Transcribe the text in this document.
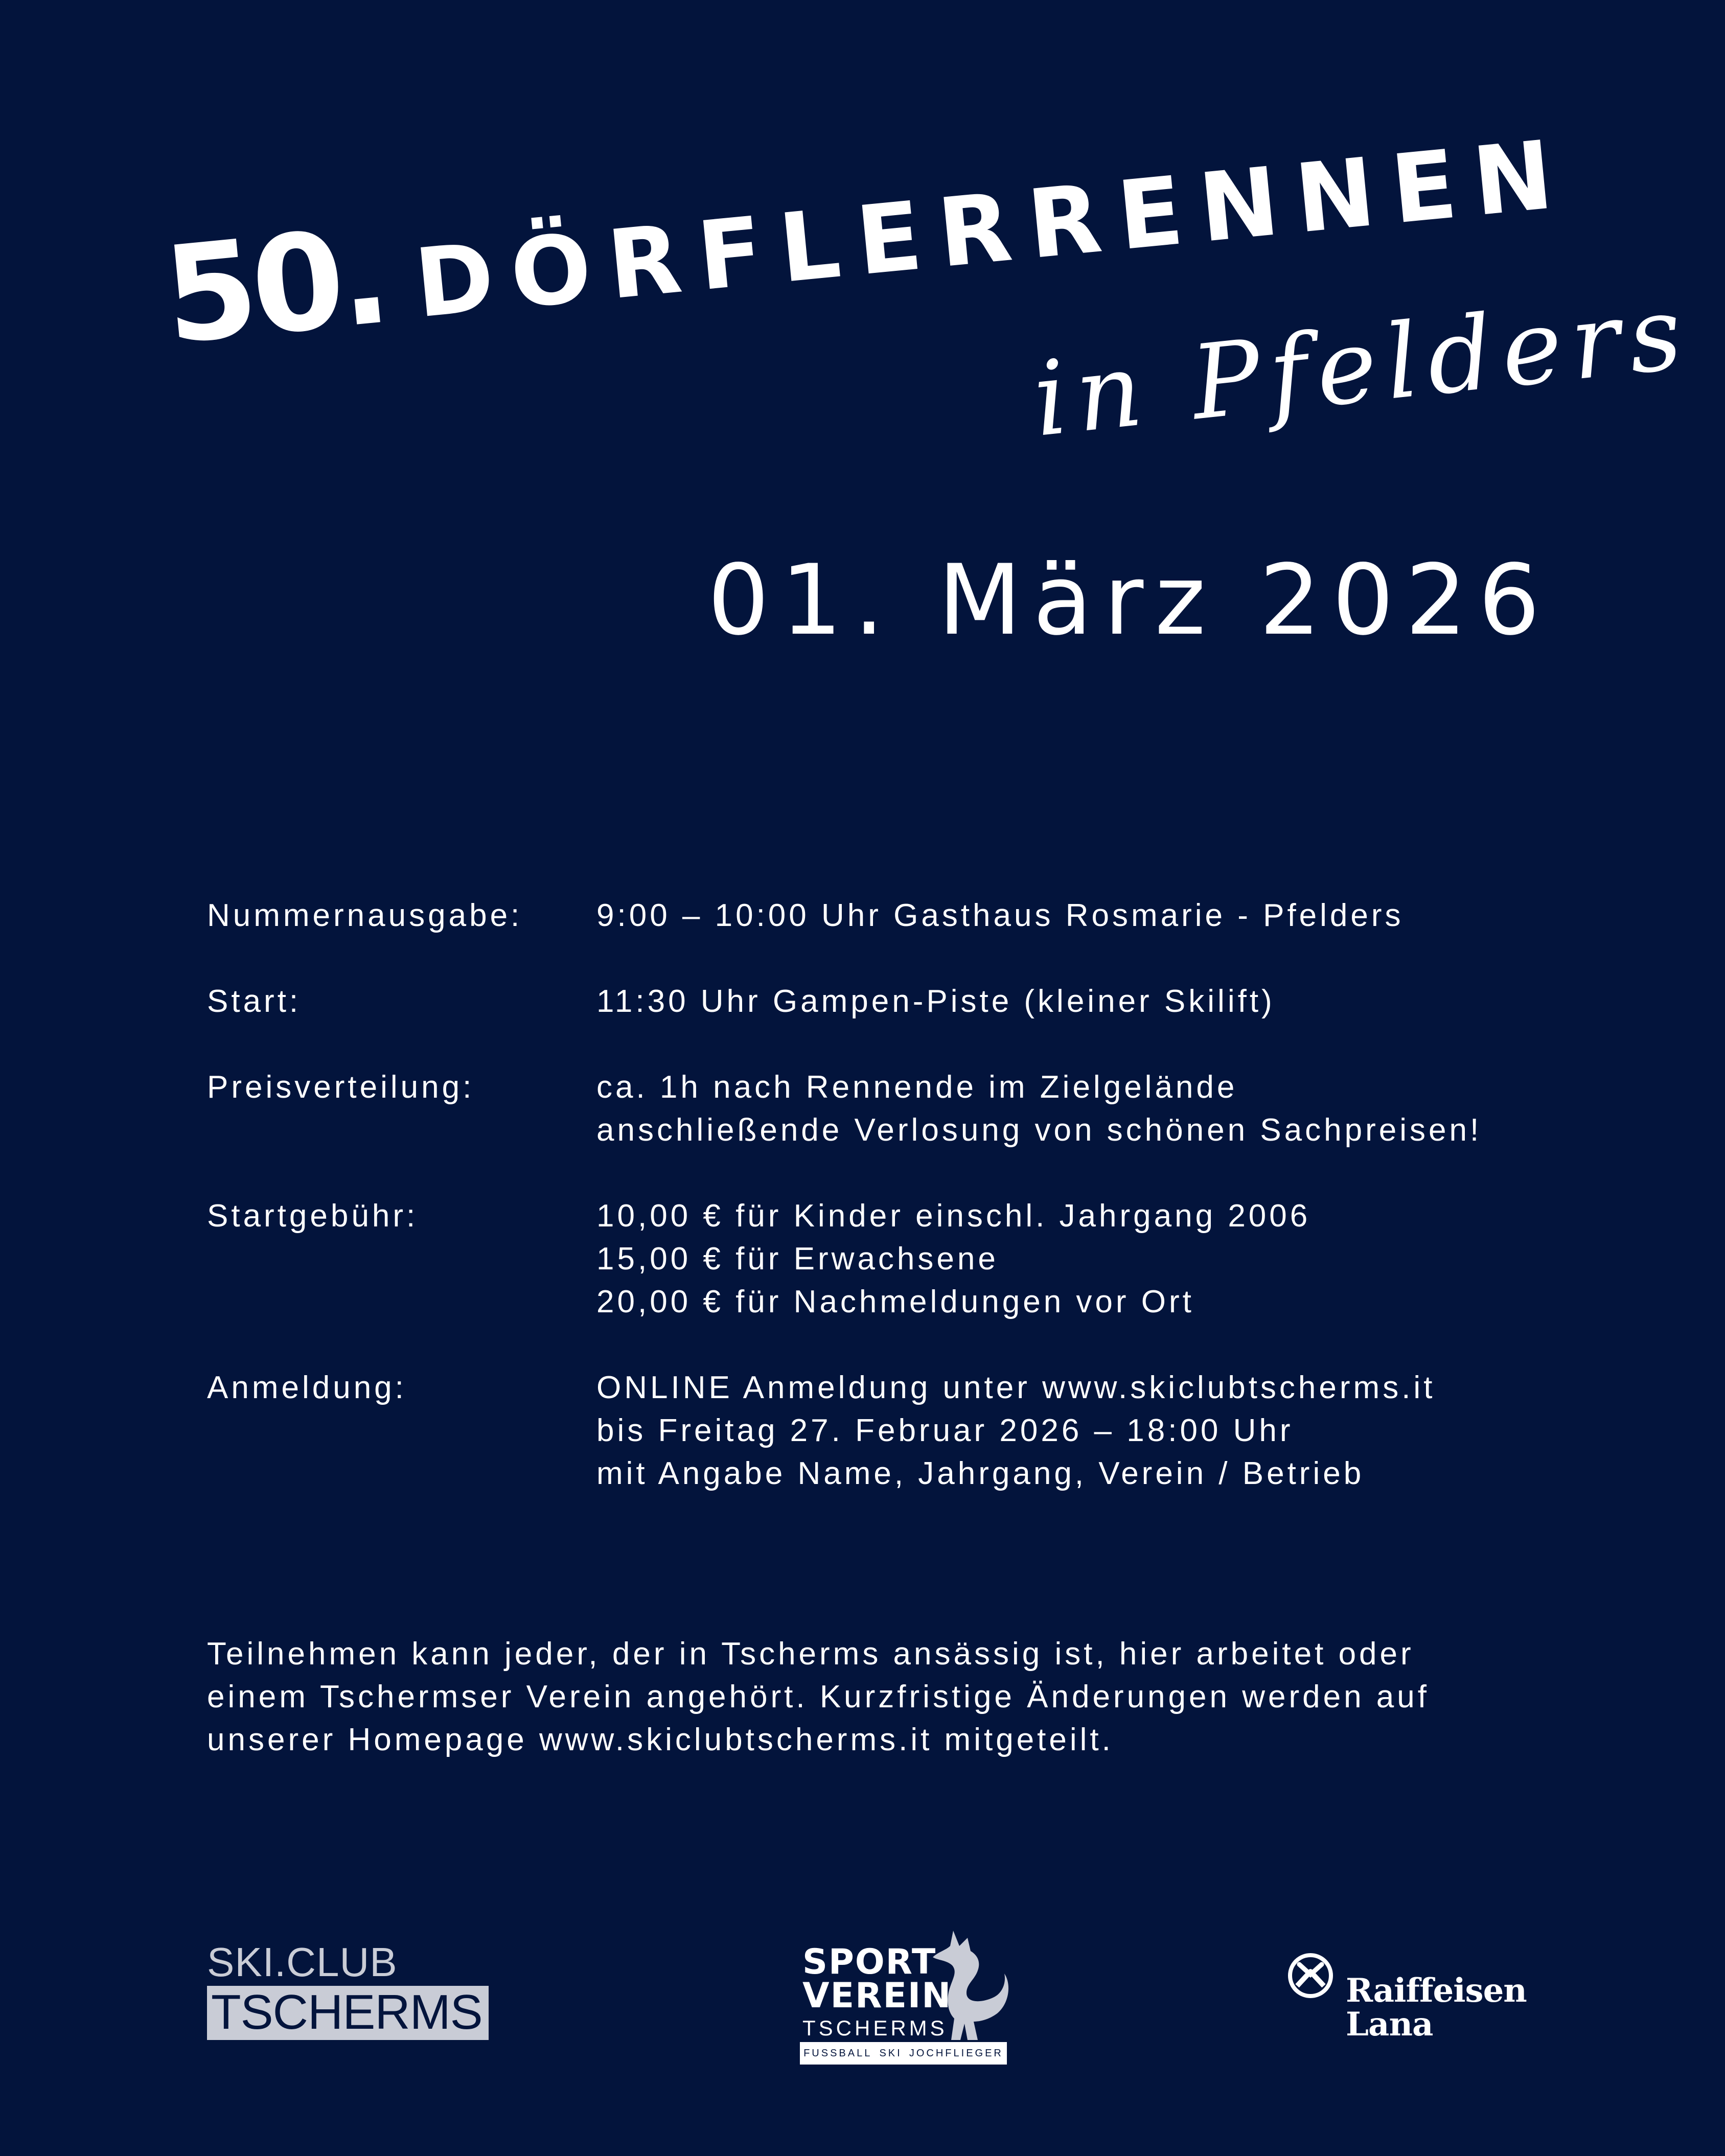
50. DÖRFLERRENNEN
in Pfelders
01. März 2026
Nummernausgabe:	9:00 – 10:00 Uhr Gasthaus Rosmarie - Pfelders
Start:	11:30 Uhr Gampen-Piste (kleiner Skilift)
Preisverteilung:	ca. 1h nach Rennende im Zielgelände
anschließende Verlosung von schönen Sachpreisen!
Startgebühr:	10,00 € für Kinder einschl. Jahrgang 2006
15,00 € für Erwachsene
20,00 € für Nachmeldungen vor Ort
Anmeldung:	ONLINE Anmeldung unter www.skiclubtscherms.it
bis Freitag 27. Februar 2026 – 18:00 Uhr
mit Angabe Name, Jahrgang, Verein / Betrieb
Teilnehmen kann jeder, der in Tscherms ansässig ist, hier arbeitet oder
einem Tschermser Verein angehört. Kurzfristige Änderungen werden auf
unserer Homepage www.skiclubtscherms.it mitgeteilt.
SKI.CLUB
TSCHERMS
SPORT
VEREIN
TSCHERMS
FUSSBALL SKI JOCHFLIEGER
Raiffeisen
Lana
